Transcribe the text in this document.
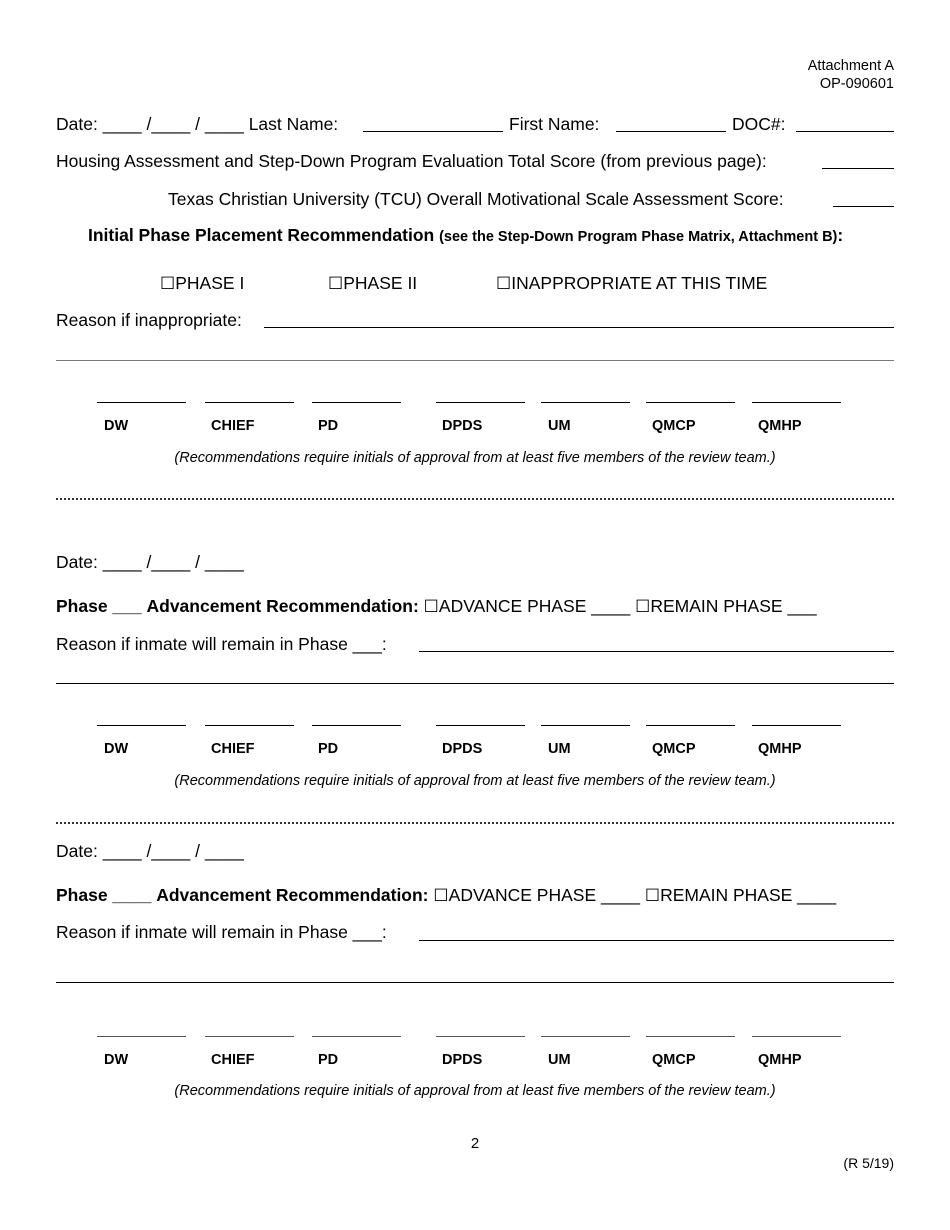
Attachment A
OP-090601
Date: ____ /____ / ____ Last Name:	First Name:	DOC#:
Housing Assessment and Step-Down Program Evaluation Total Score (from previous page):
Texas Christian University (TCU) Overall Motivational Scale Assessment Score:
Initial Phase Placement Recommendation (see the Step-Down Program Phase Matrix, Attachment B):
☐PHASE I	☐PHASE II	☐INAPPROPRIATE AT THIS TIME
Reason if inappropriate:
DW	CHIEF	PD	DPDS	UM	QMCP	QMHP
(Recommendations require initials of approval from at least five members of the review team.)
Date: ____ /____ / ____
Phase ___ Advancement Recommendation: ☐ADVANCE PHASE ____ ☐REMAIN PHASE ___
Reason if inmate will remain in Phase ___:
DW	CHIEF	PD	DPDS	UM	QMCP	QMHP
(Recommendations require initials of approval from at least five members of the review team.)
Date: ____ /____ / ____
Phase ____ Advancement Recommendation: ☐ADVANCE PHASE ____ ☐REMAIN PHASE ____
Reason if inmate will remain in Phase ___:
DW	CHIEF	PD	DPDS	UM	QMCP	QMHP
(Recommendations require initials of approval from at least five members of the review team.)
2
(R 5/19)
